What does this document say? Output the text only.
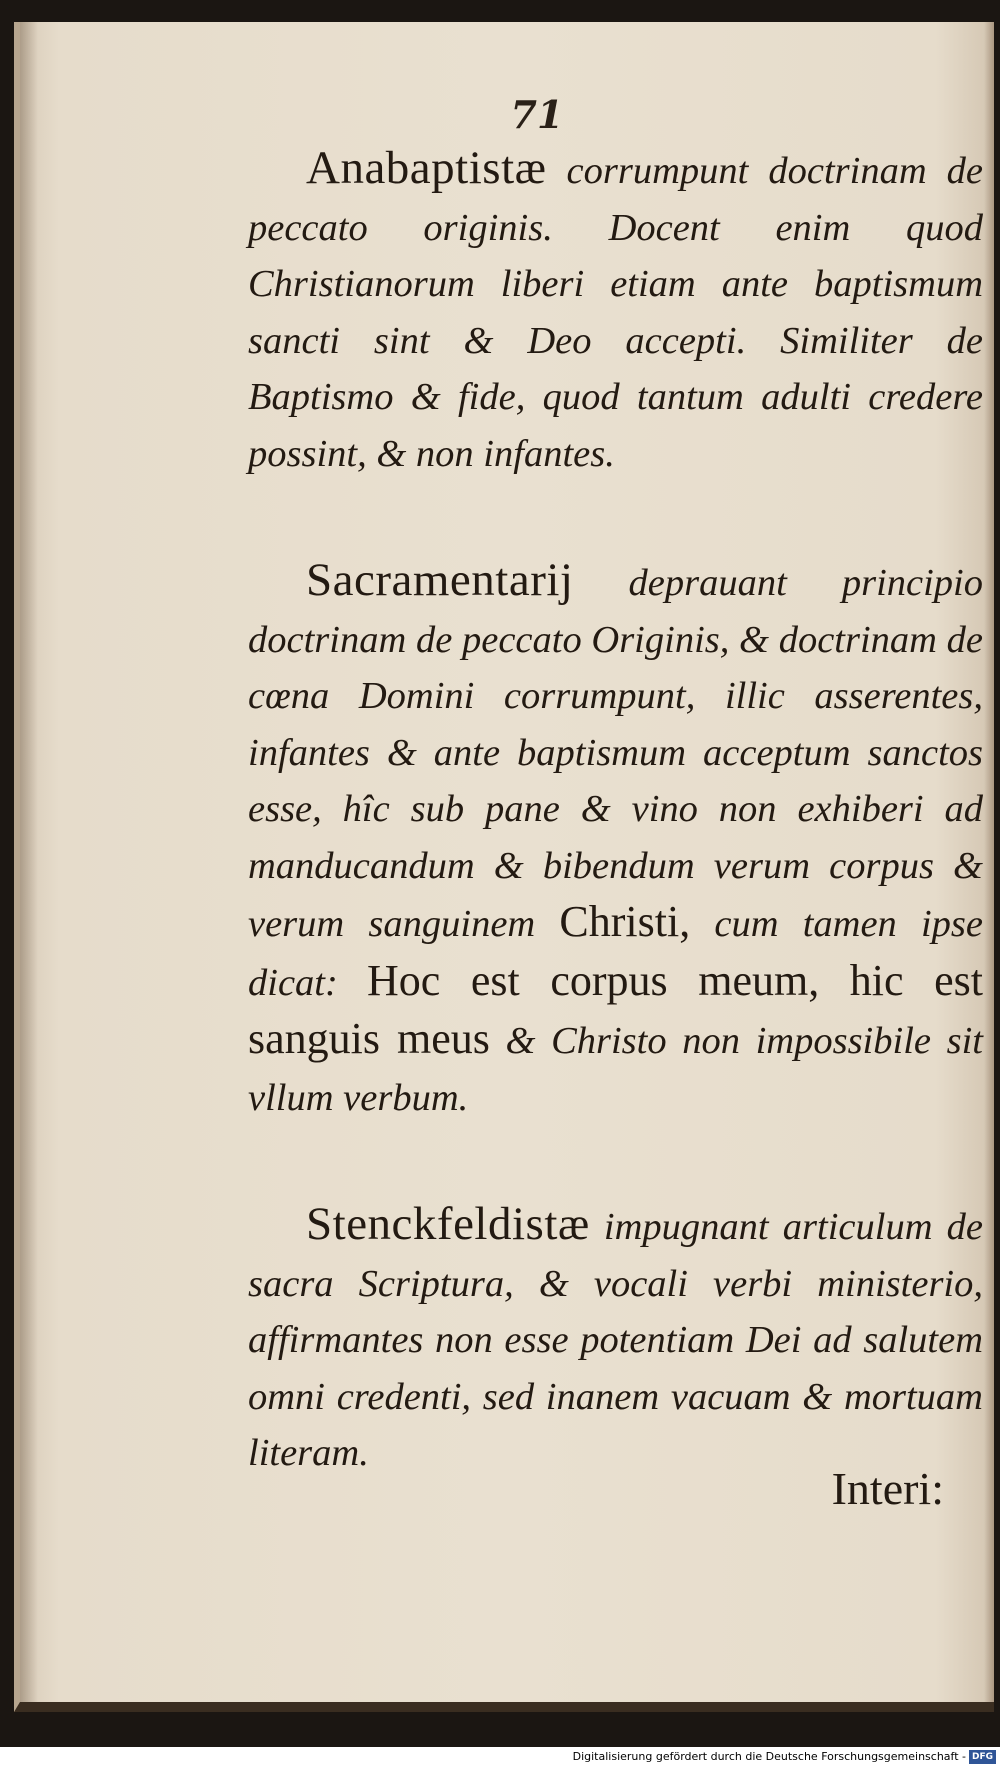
71

Anabaptistæ corrumpunt doctrinam de peccato originis. Docent enim quod Christianorum liberi etiam ante baptismum sancti sint & Deo accepti. Similiter de Baptismo & fide, quod tantum adulti credere possint, & non infantes.

Sacramentarij deprauant principio doctrinam de peccato Originis, & doctrinam de cœna Domini corrumpunt, illic asserentes, infantes & ante baptismum acceptum sanctos esse, hîc sub pane & vino non exhiberi ad manducandum & bibendum verum corpus & verum sanguinem Christi, cum tamen ipse dicat: Hoc est corpus meum, hic est sanguis meus & Christo non impossibile sit vllum verbum.

Stenckfeldistæ impugnant articulum de sacra Scriptura, & vocali verbi ministerio, affirmantes non esse potentiam Dei ad salutem omni credenti, sed inanem vacuam & mortuam literam.

Interi:
Digitalisierung gefördert durch die Deutsche Forschungsgemeinschaft - DFG
